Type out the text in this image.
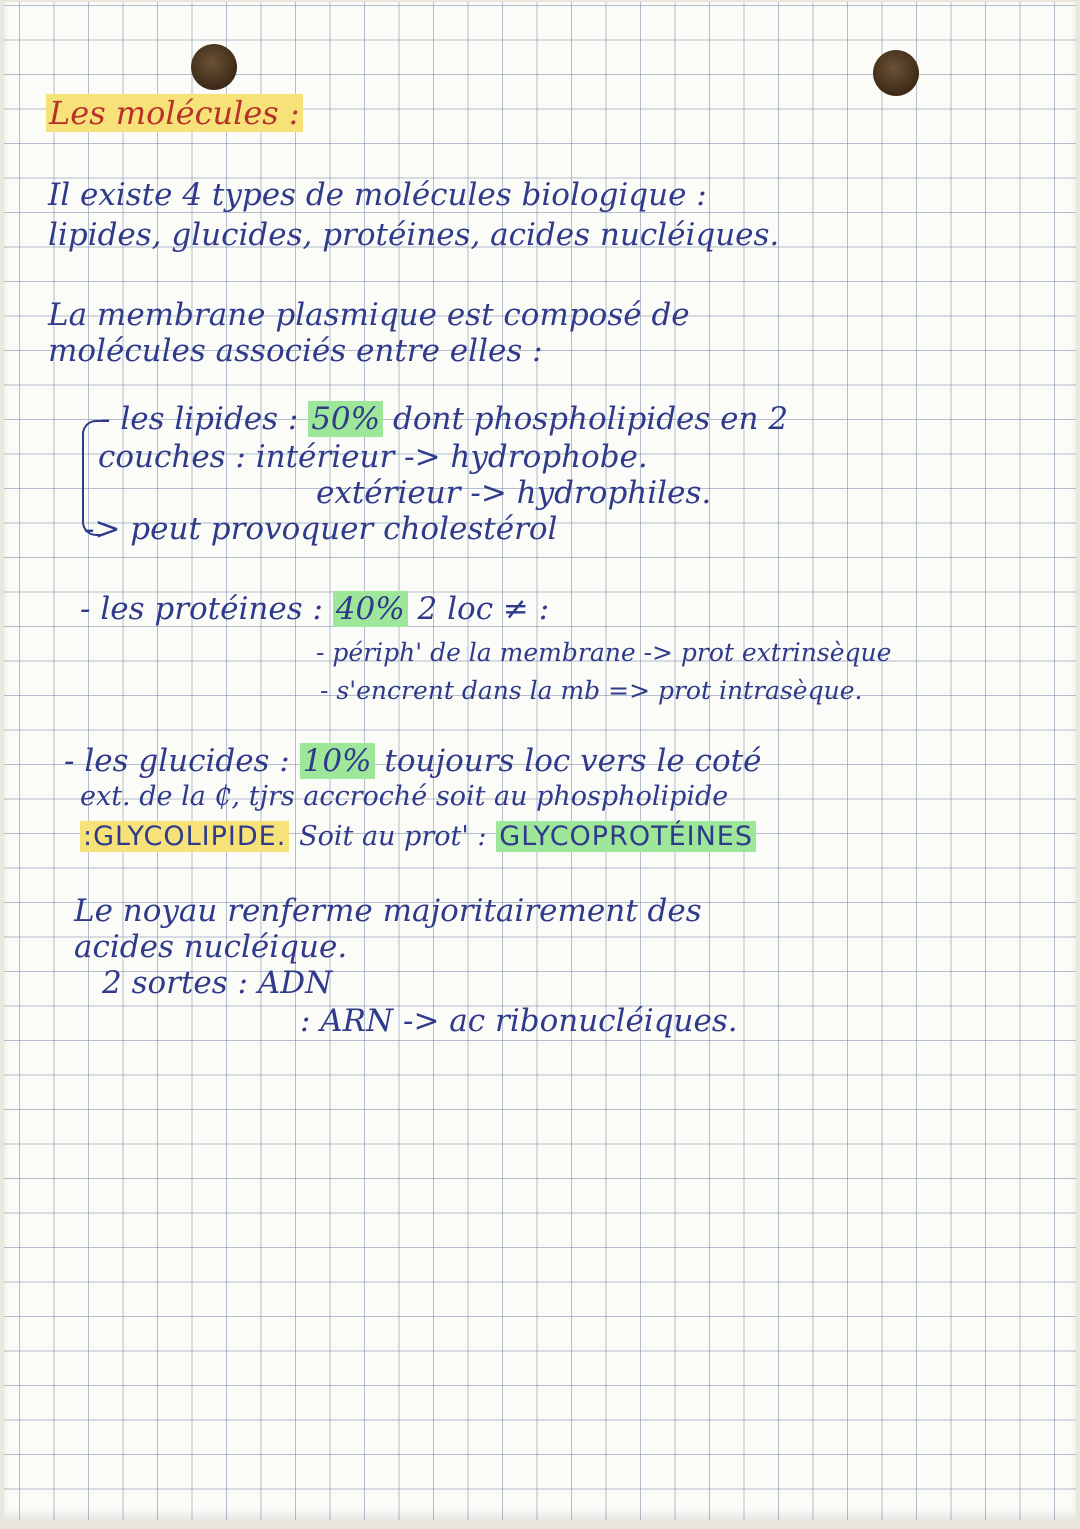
Les molécules :
Il existe 4 types de molécules biologique :
lipides, glucides, protéines, acides nucléiques.
La membrane plasmique est composé de
molécules associés entre elles :
- les lipides : 50% dont phospholipides en 2
couches : intérieur -> hydrophobe.
extérieur -> hydrophiles.
-> peut provoquer cholestérol
- les protéines : 40% 2 loc ≠ :
- périph' de la membrane -> prot extrinsèque
- s'encrent dans la mb => prot intrasèque.
- les glucides : 10% toujours loc vers le coté
ext. de la ₵, tjrs accroché soit au phospholipide
:GLYCOLIPIDE. Soit au prot' : GLYCOPROTÉINES
Le noyau renferme majoritairement des
acides nucléique.
2 sortes : ADN
: ARN -> ac ribonucléiques.
